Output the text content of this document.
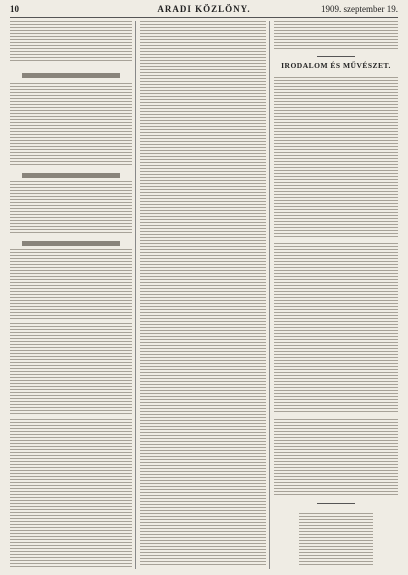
10	ARADI KÖZLÖNY.	1909. szeptember 19.
IRODALOM ÉS MŰVÉSZET.
